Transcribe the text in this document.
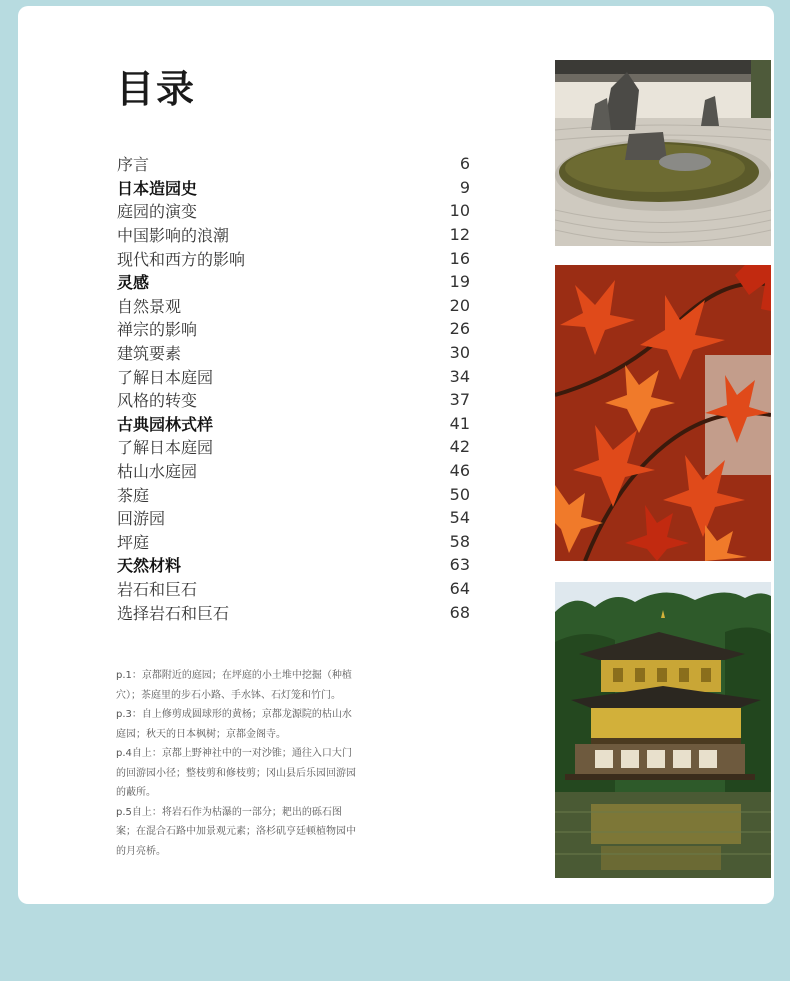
目录
序言	6
日本造园史	9
庭园的演变	10
中国影响的浪潮	12
现代和西方的影响	16
灵感	19
自然景观	20
禅宗的影响	26
建筑要素	30
了解日本庭园	34
风格的转变	37
古典园林式样	41
了解日本庭园	42
枯山水庭园	46
茶庭	50
回游园	54
坪庭	58
天然材料	63
岩石和巨石	64
选择岩石和巨石	68

p.1：京都附近的庭园；在坪庭的小土堆中挖掘（种植穴）；茶庭里的步石小路、手水钵、石灯笼和竹门。

p.3：自上修剪成圆球形的黄杨；京都龙源院的枯山水庭园；秋天的日本枫树；京都金阁寺。

p.4自上：京都上野神社中的一对沙锥；通往入口大门的回游园小径；整枝剪和修枝剪；冈山县后乐园回游园的蔽所。

p.5自上：将岩石作为枯瀑的一部分；耙出的砾石图案；在混合石路中加景观元素；洛杉矶亨廷顿植物园中的月亮桥。
